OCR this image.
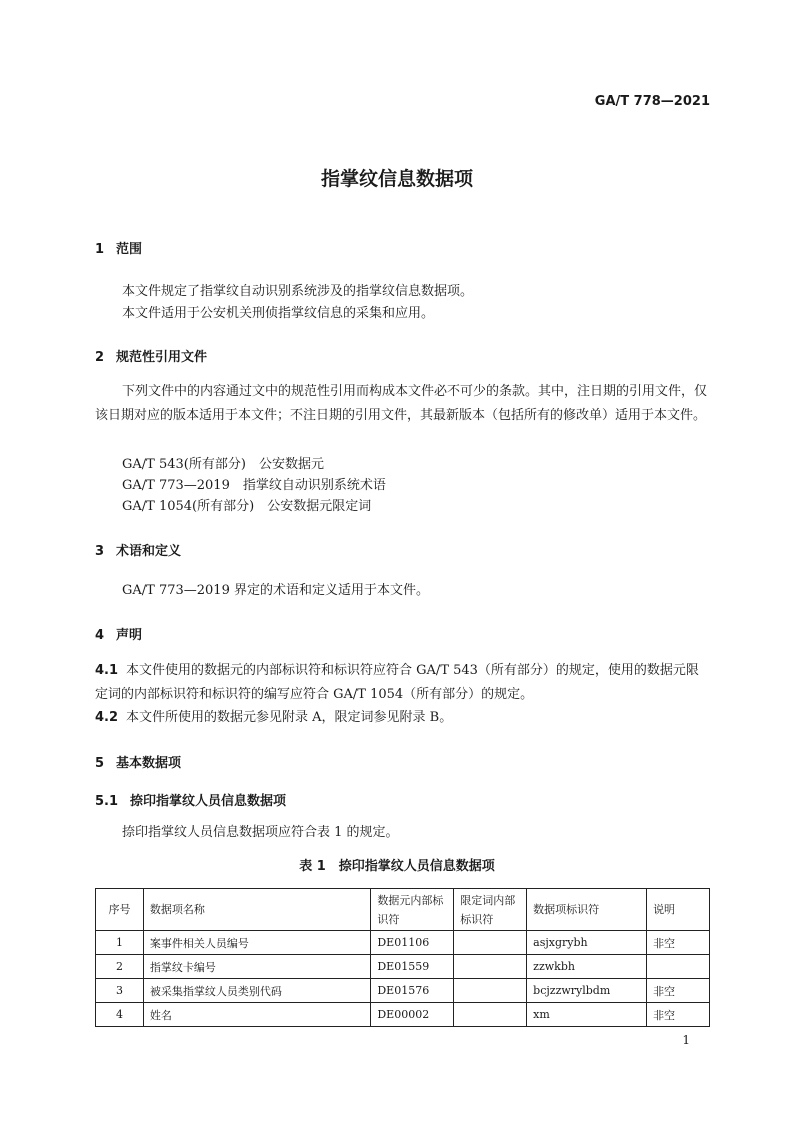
GA/T 778—2021
指掌纹信息数据项
1 范围
本文件规定了指掌纹自动识别系统涉及的指掌纹信息数据项。
本文件适用于公安机关刑侦指掌纹信息的采集和应用。
2 规范性引用文件
下列文件中的内容通过文中的规范性引用而构成本文件必不可少的条款。其中，注日期的引用文件，仅该日期对应的版本适用于本文件；不注日期的引用文件，其最新版本（包括所有的修改单）适用于本文件。
GA/T 543(所有部分)　 公安数据元
GA/T 773—2019　 指掌纹自动识别系统术语
GA/T 1054(所有部分)　 公安数据元限定词
3 术语和定义
GA/T 773—2019 界定的术语和定义适用于本文件。
4 声明
4.1 本文件使用的数据元的内部标识符和标识符应符合 GA/T 543（所有部分）的规定，使用的数据元限定词的内部标识符和标识符的编写应符合 GA/T 1054（所有部分）的规定。
4.2 本文件所使用的数据元参见附录 A，限定词参见附录 B。
5 基本数据项
5.1 捺印指掌纹人员信息数据项
捺印指掌纹人员信息数据项应符合表 1 的规定。
表 1　捺印指掌纹人员信息数据项
序号	数据项名称	数据元内部标识符	限定词内部标识符	数据项标识符	说明
1	案事件相关人员编号	DE01106		asjxgrybh	非空
2	指掌纹卡编号	DE01559		zzwkbh	
3	被采集指掌纹人员类别代码	DE01576		bcjzzwrylbdm	非空
4	姓名	DE00002		xm	非空
1
